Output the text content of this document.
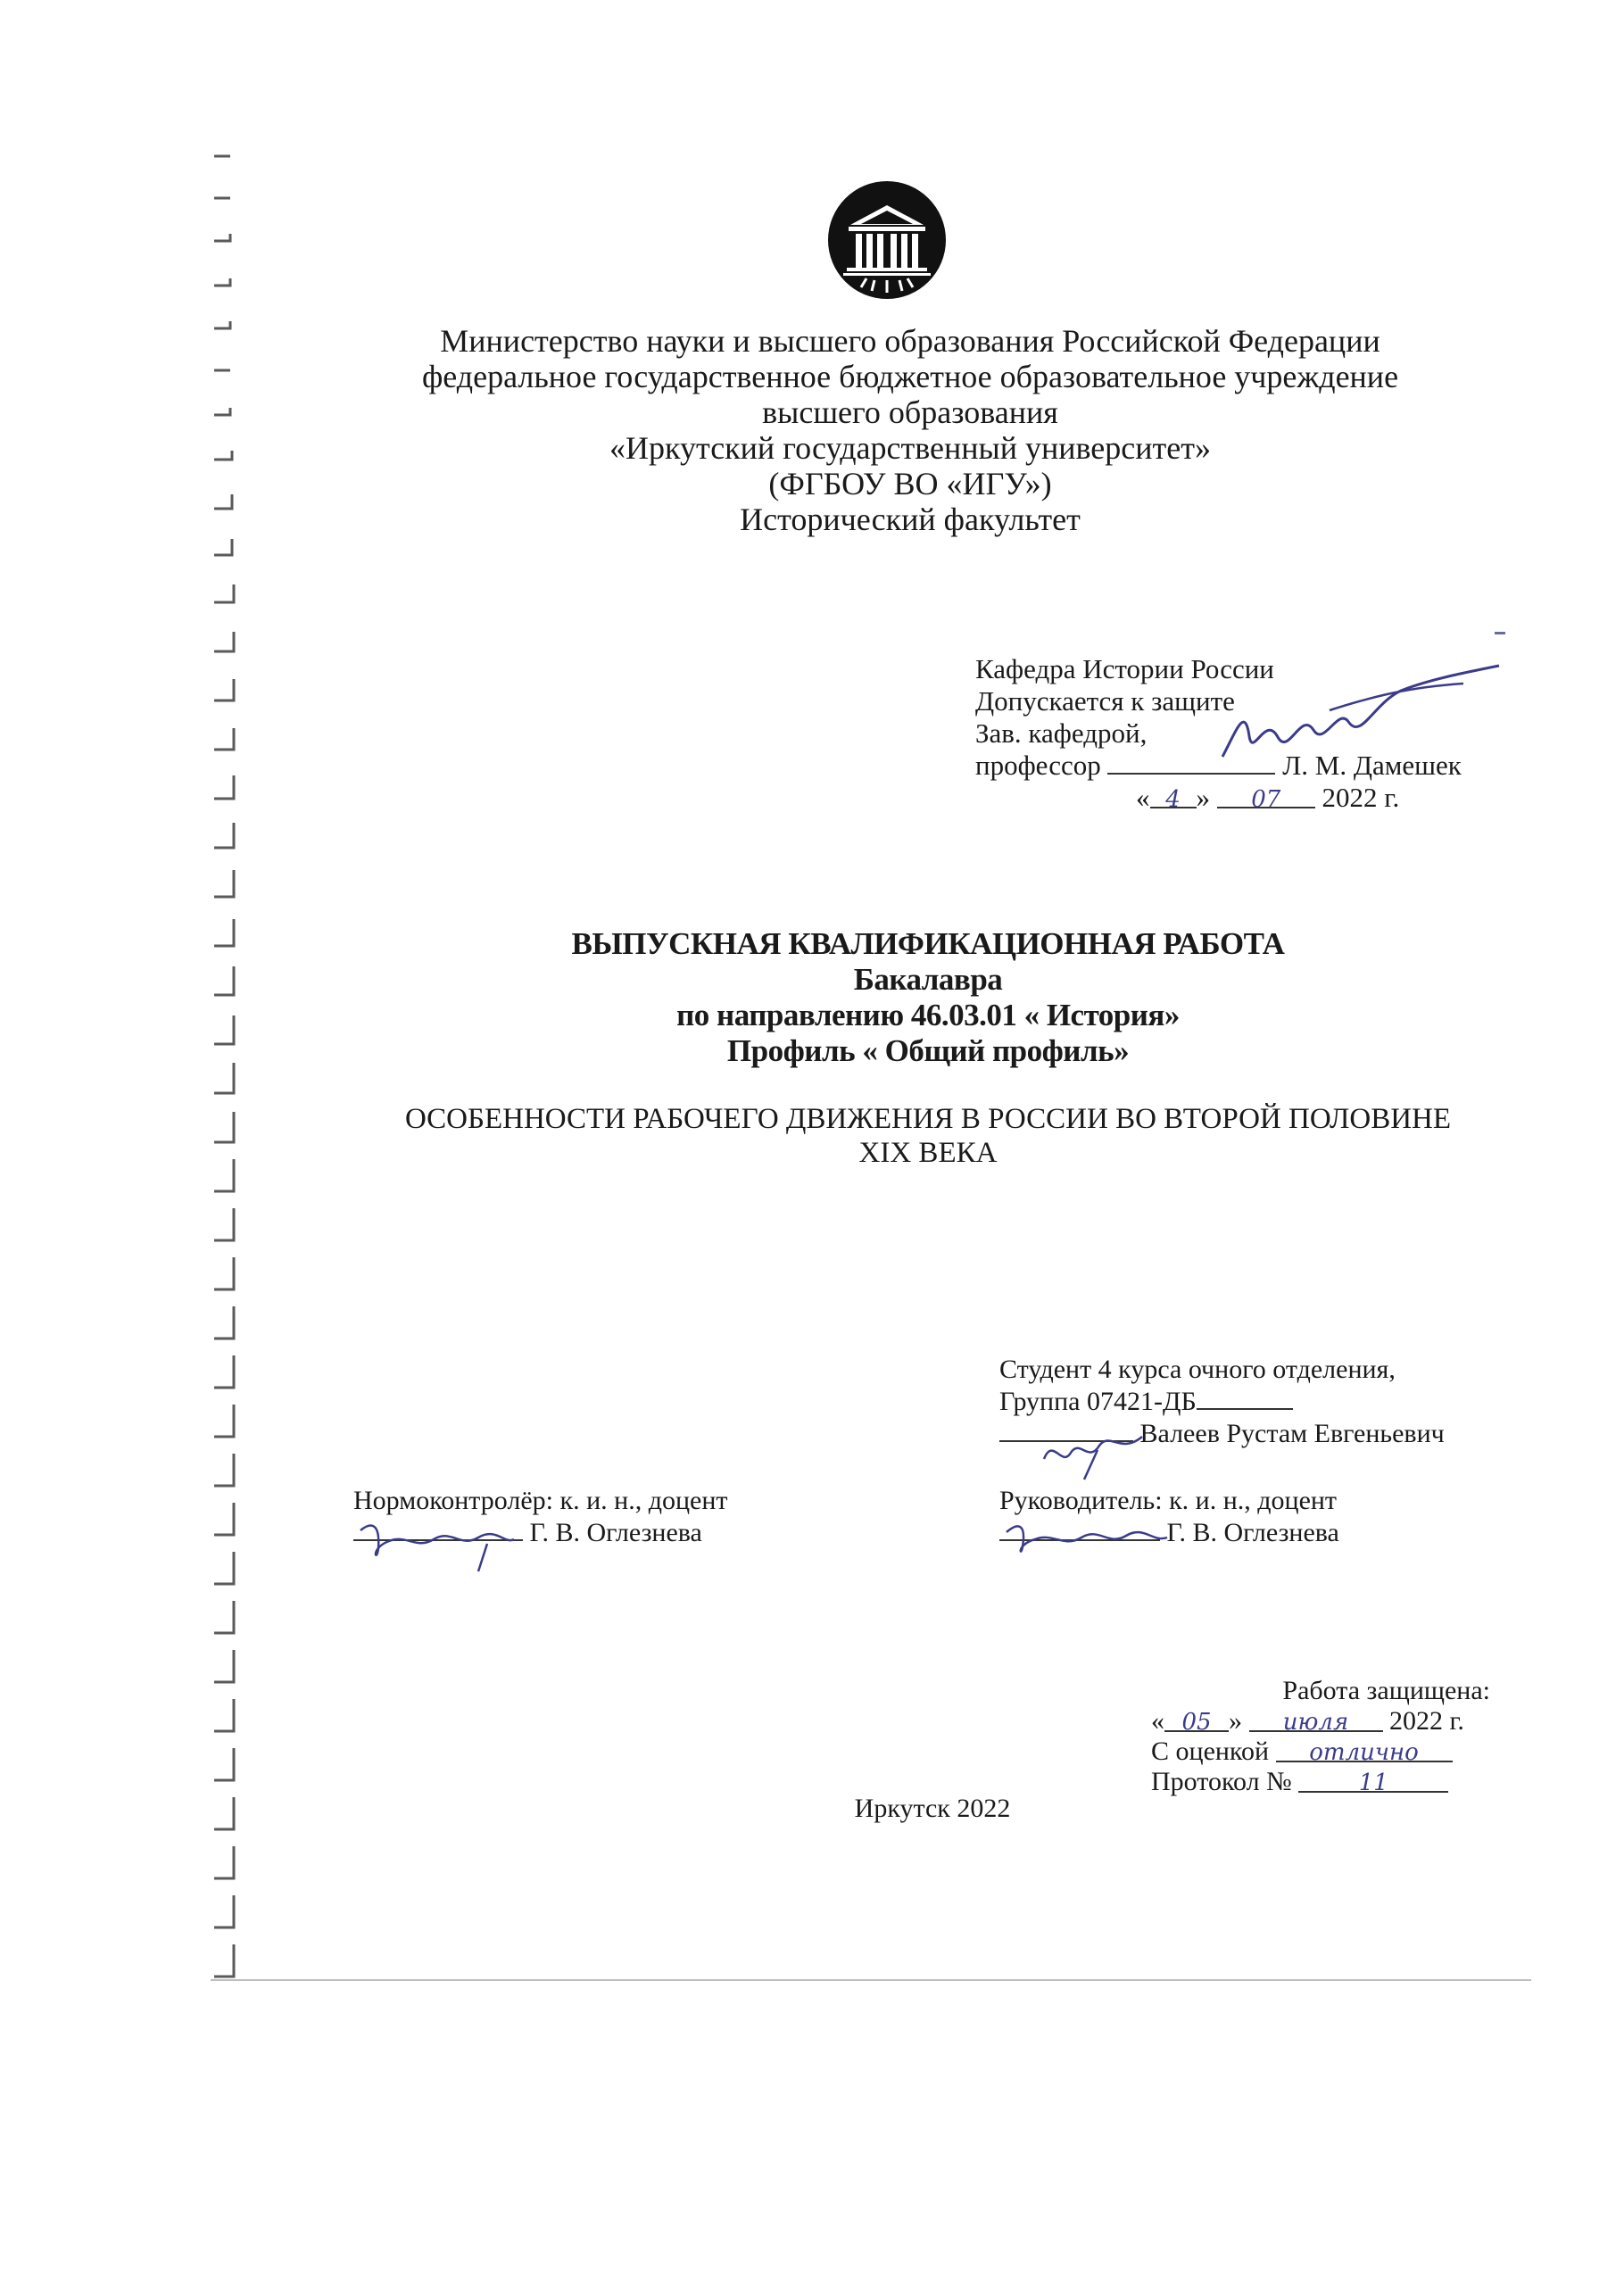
Министерство науки и высшего образования Российской Федерации
федеральное государственное бюджетное образовательное учреждение
высшего образования
«Иркутский государственный университет»
(ФГБОУ ВО «ИГУ»)
Исторический факультет
Кафедра Истории России
Допускается к защите
Зав. кафедрой,
профессор	Л. М. Дамешек
« 4 » 07 2022 г.
ВЫПУСКНАЯ КВАЛИФИКАЦИОННАЯ РАБОТА
Бакалавра
по направлению 46.03.01 « История»
Профиль « Общий профиль»
ОСОБЕННОСТИ РАБОЧЕГО ДВИЖЕНИЯ В РОССИИ ВО ВТОРОЙ ПОЛОВИНЕ
XIX ВЕКА
Студент 4 курса очного отделения,
Группа 07421-ДБ
Валеев Рустам Евгеньевич
Нормоконтролёр: к. и. н., доцент
Г. В. Оглезнева
Руководитель: к. и. н., доцент
Г. В. Оглезнева
Работа защищена:
« 05 » июля 2022 г.
С оценкой отлично
Протокол №	11
Иркутск 2022
